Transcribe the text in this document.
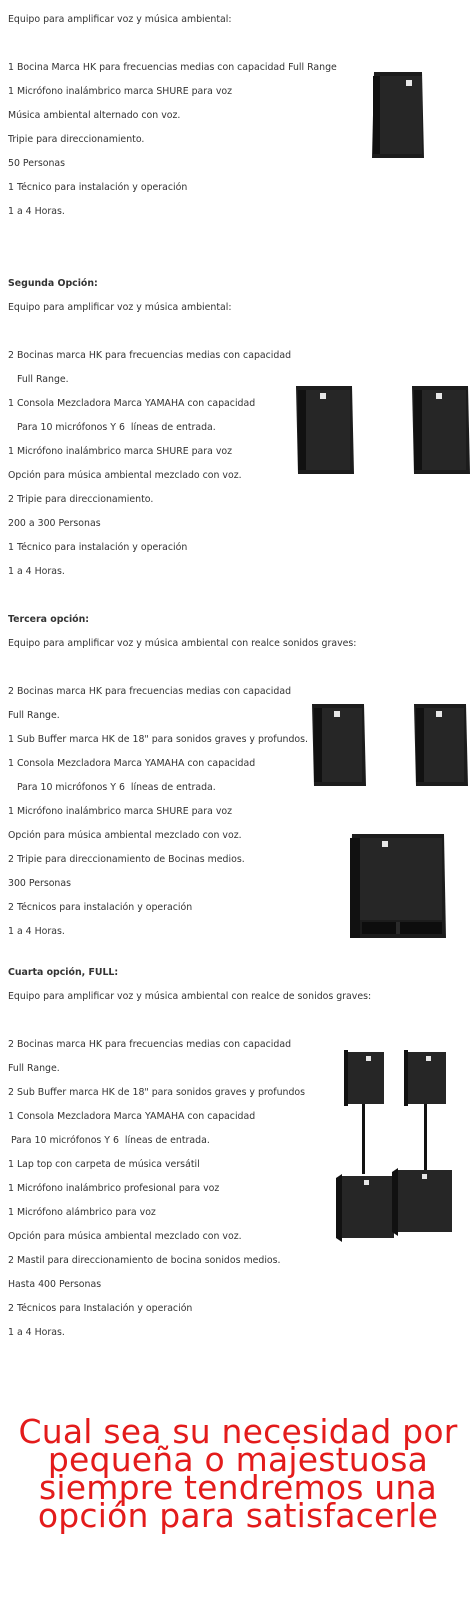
Equipo para amplificar voz y música ambiental:
1 Bocina Marca HK para frecuencias medias con capacidad Full Range
1 Micrófono inalámbrico marca SHURE para voz
Música ambiental alternado con voz.
Tripie para direccionamiento.
50 Personas
1 Técnico para instalación y operación
1 a 4 Horas.
Segunda Opción:
Equipo para amplificar voz y música ambiental:
2 Bocinas marca HK para frecuencias medias con capacidad
Full Range.
1 Consola Mezcladora Marca YAMAHA con capacidad
Para 10 micrófonos Y 6  líneas de entrada.
1 Micrófono inalámbrico marca SHURE para voz
Opción para música ambiental mezclado con voz.
2 Tripie para direccionamiento.
200 a 300 Personas
1 Técnico para instalación y operación
1 a 4 Horas.
Tercera opción:
Equipo para amplificar voz y música ambiental con realce sonidos graves:
2 Bocinas marca HK para frecuencias medias con capacidad
Full Range.
1 Sub Buffer marca HK de 18" para sonidos graves y profundos.
1 Consola Mezcladora Marca YAMAHA con capacidad
Para 10 micrófonos Y 6  líneas de entrada.
1 Micrófono inalámbrico marca SHURE para voz
Opción para música ambiental mezclado con voz.
2 Tripie para direccionamiento de Bocinas medios.
300 Personas
2 Técnicos para instalación y operación
1 a 4 Horas.
Cuarta opción, FULL:
Equipo para amplificar voz y música ambiental con realce de sonidos graves:
2 Bocinas marca HK para frecuencias medias con capacidad
Full Range.
2 Sub Buffer marca HK de 18" para sonidos graves y profundos
1 Consola Mezcladora Marca YAMAHA con capacidad
Para 10 micrófonos Y 6  líneas de entrada.
1 Lap top con carpeta de música versátil
1 Micrófono inalámbrico profesional para voz
1 Micrófono alámbrico para voz
Opción para música ambiental mezclado con voz.
2 Mastil para direccionamiento de bocina sonidos medios.
Hasta 400 Personas
2 Técnicos para Instalación y operación
1 a 4 Horas.
Cual sea su necesidad por
pequeña o majestuosa
siempre tendremos una
opción para satisfacerle
